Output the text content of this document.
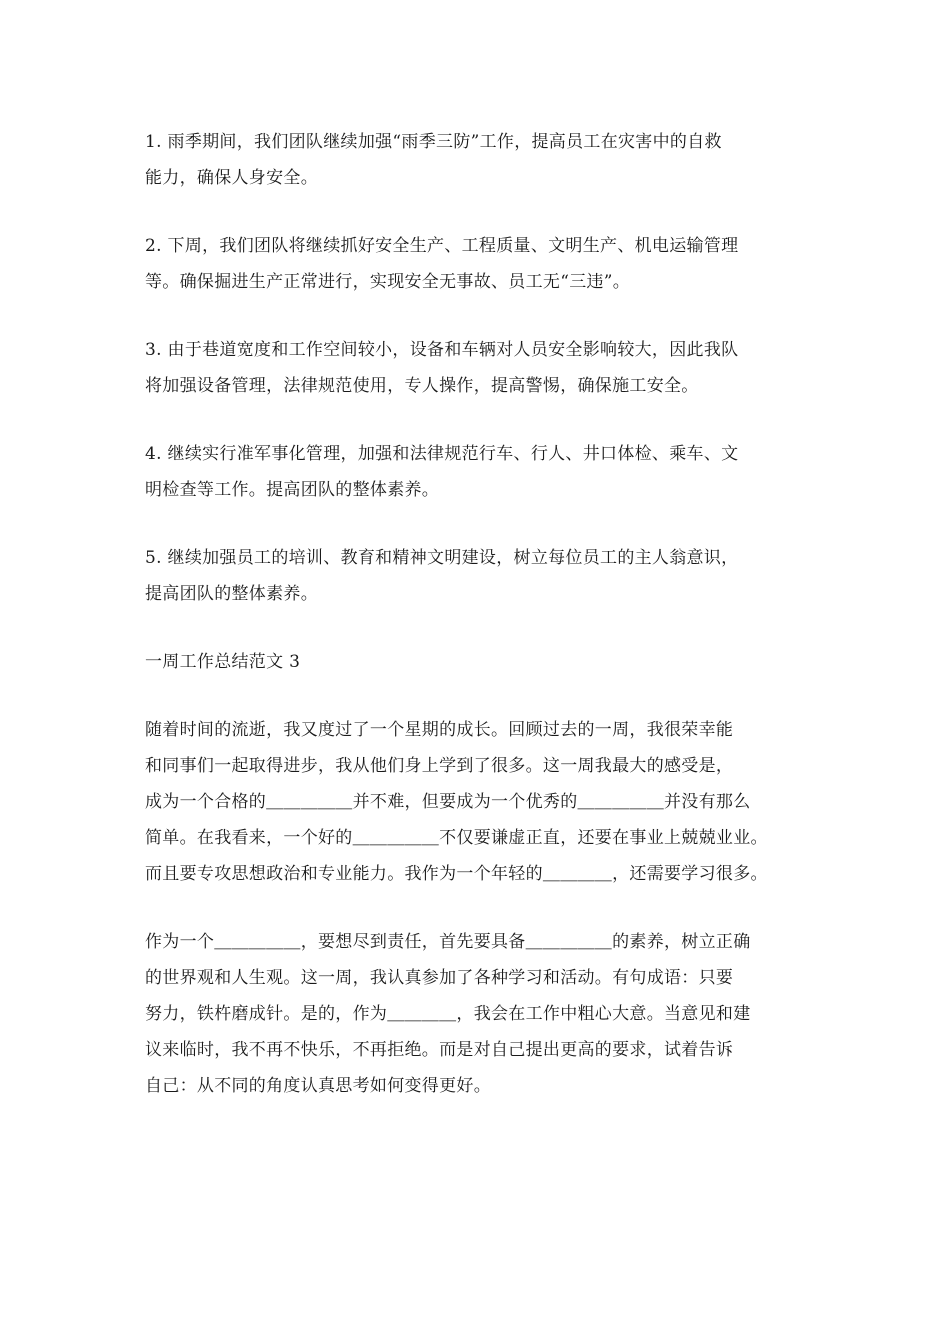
1. 雨季期间，我们团队继续加强“雨季三防”工作，提高员工在灾害中的自救
能力，确保人身安全。
2. 下周，我们团队将继续抓好安全生产、工程质量、文明生产、机电运输管理
等。确保掘进生产正常进行，实现安全无事故、员工无“三违”。
3. 由于巷道宽度和工作空间较小，设备和车辆对人员安全影响较大，因此我队
将加强设备管理，法律规范使用，专人操作，提高警惕，确保施工安全。
4. 继续实行准军事化管理，加强和法律规范行车、行人、井口体检、乘车、文
明检查等工作。提高团队的整体素养。
5. 继续加强员工的培训、教育和精神文明建设，树立每位员工的主人翁意识，
提高团队的整体素养。
一周工作总结范文 3
随着时间的流逝，我又度过了一个星期的成长。回顾过去的一周，我很荣幸能
和同事们一起取得进步，我从他们身上学到了很多。这一周我最大的感受是，
成为一个合格的＿＿＿＿＿并不难，但要成为一个优秀的＿＿＿＿＿并没有那么
简单。在我看来，一个好的＿＿＿＿＿不仅要谦虚正直，还要在事业上兢兢业业。
而且要专攻思想政治和专业能力。我作为一个年轻的＿＿＿＿，还需要学习很多。
作为一个＿＿＿＿＿，要想尽到责任，首先要具备＿＿＿＿＿的素养，树立正确
的世界观和人生观。这一周，我认真参加了各种学习和活动。有句成语：只要
努力，铁杵磨成针。是的，作为＿＿＿＿，我会在工作中粗心大意。当意见和建
议来临时，我不再不快乐，不再拒绝。而是对自己提出更高的要求，试着告诉
自己：从不同的角度认真思考如何变得更好。
